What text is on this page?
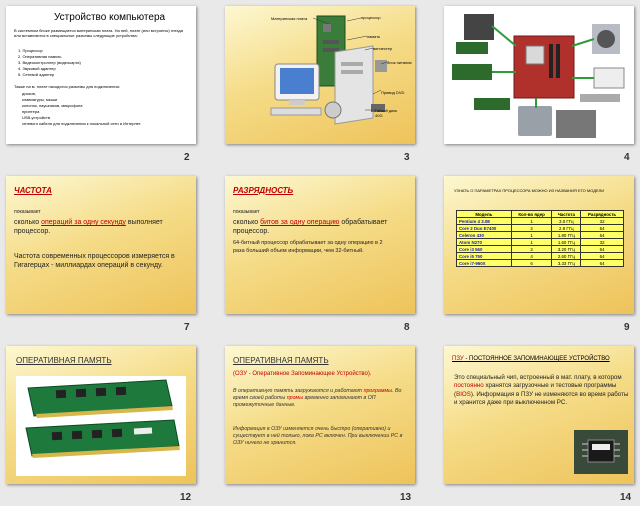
Устройство компьютера
В системном блоке размещается материнская плата. На ней, плате (или встроены) гнезда или вставляются в специальные разъемы следующие устройства:
1. Процессор
2. Оперативная память
3. Видеоконтроллер (видеокарта)
4. Звуковой адаптер
5. Сетевой адаптер
Также на м. плате находятся разъемы для подключения:
дисков,
клавиатуры, мыши
колонок, наушников, микрофона
принтера
USB-устройств
сетевого кабеля для подключения к локальной сети и Интернет.
2
Материнская плата	процессор
память
винчестер
блок питания
Привод DVD
Гибкий диск 40G
3	4
ЧАСТОТА
показывает
сколько операций за одну секунду выполняет процессор.
Частота современных процессоров измеряется в Гигагерцах - миллиардах операций в секунду.
7
РАЗРЯДНОСТЬ
показывает
сколько битов за одну операцию обрабатывает процессор.
64-битный процессор обрабатывает за одну операцию в 2 раза больший объем информации, чем 32-битный.
8
УЗНАТЬ О ПАРАМЕТРАХ ПРОЦЕССОРА МОЖНО ИЗ НАЗВАНИЯ ЕГО МОДЕЛИ
Модель	Кол-во ядер	Частота	Разрядность
Pentium 4 3.0E	1	3.0 ГГц	32
Core 2 Duo E7400	2	2.8 ГГц	64
Celeron 430	1	1.80 ГГц	64
Atom N270	1	1.60 ГГц	32
Core i3 560	2	3.20 ГГц	64
Core i5 750	4	2.60 ГГц	64
Core i7-960X	6	3.33 ГГц	64
9
ОПЕРАТИВНАЯ ПАМЯТЬ
12
ОПЕРАТИВНАЯ ПАМЯТЬ
(ОЗУ - Оперативное Запоминающее Устройство).
В оперативную память загружаются и работают программы. Во время своей работы промы временно запоминают в ОП промежуточные данные.
Информация в ОЗУ изменяется очень быстро (оперативно) и существует в ней только, пока PC включен. При выключении PC в ОЗУ ничего не хранится.
13
ПЗУ - ПОСТОЯННОЕ ЗАПОМИНАЮЩЕЕ УСТРОЙСТВО
Это специальный чип, встроенный в мат. плату, в котором постоянно хранятся загрузочные и тестовые программы (BIOS). Информация в ПЗУ не изменяются во время работы и хранится даже при выключенном PC.
14
